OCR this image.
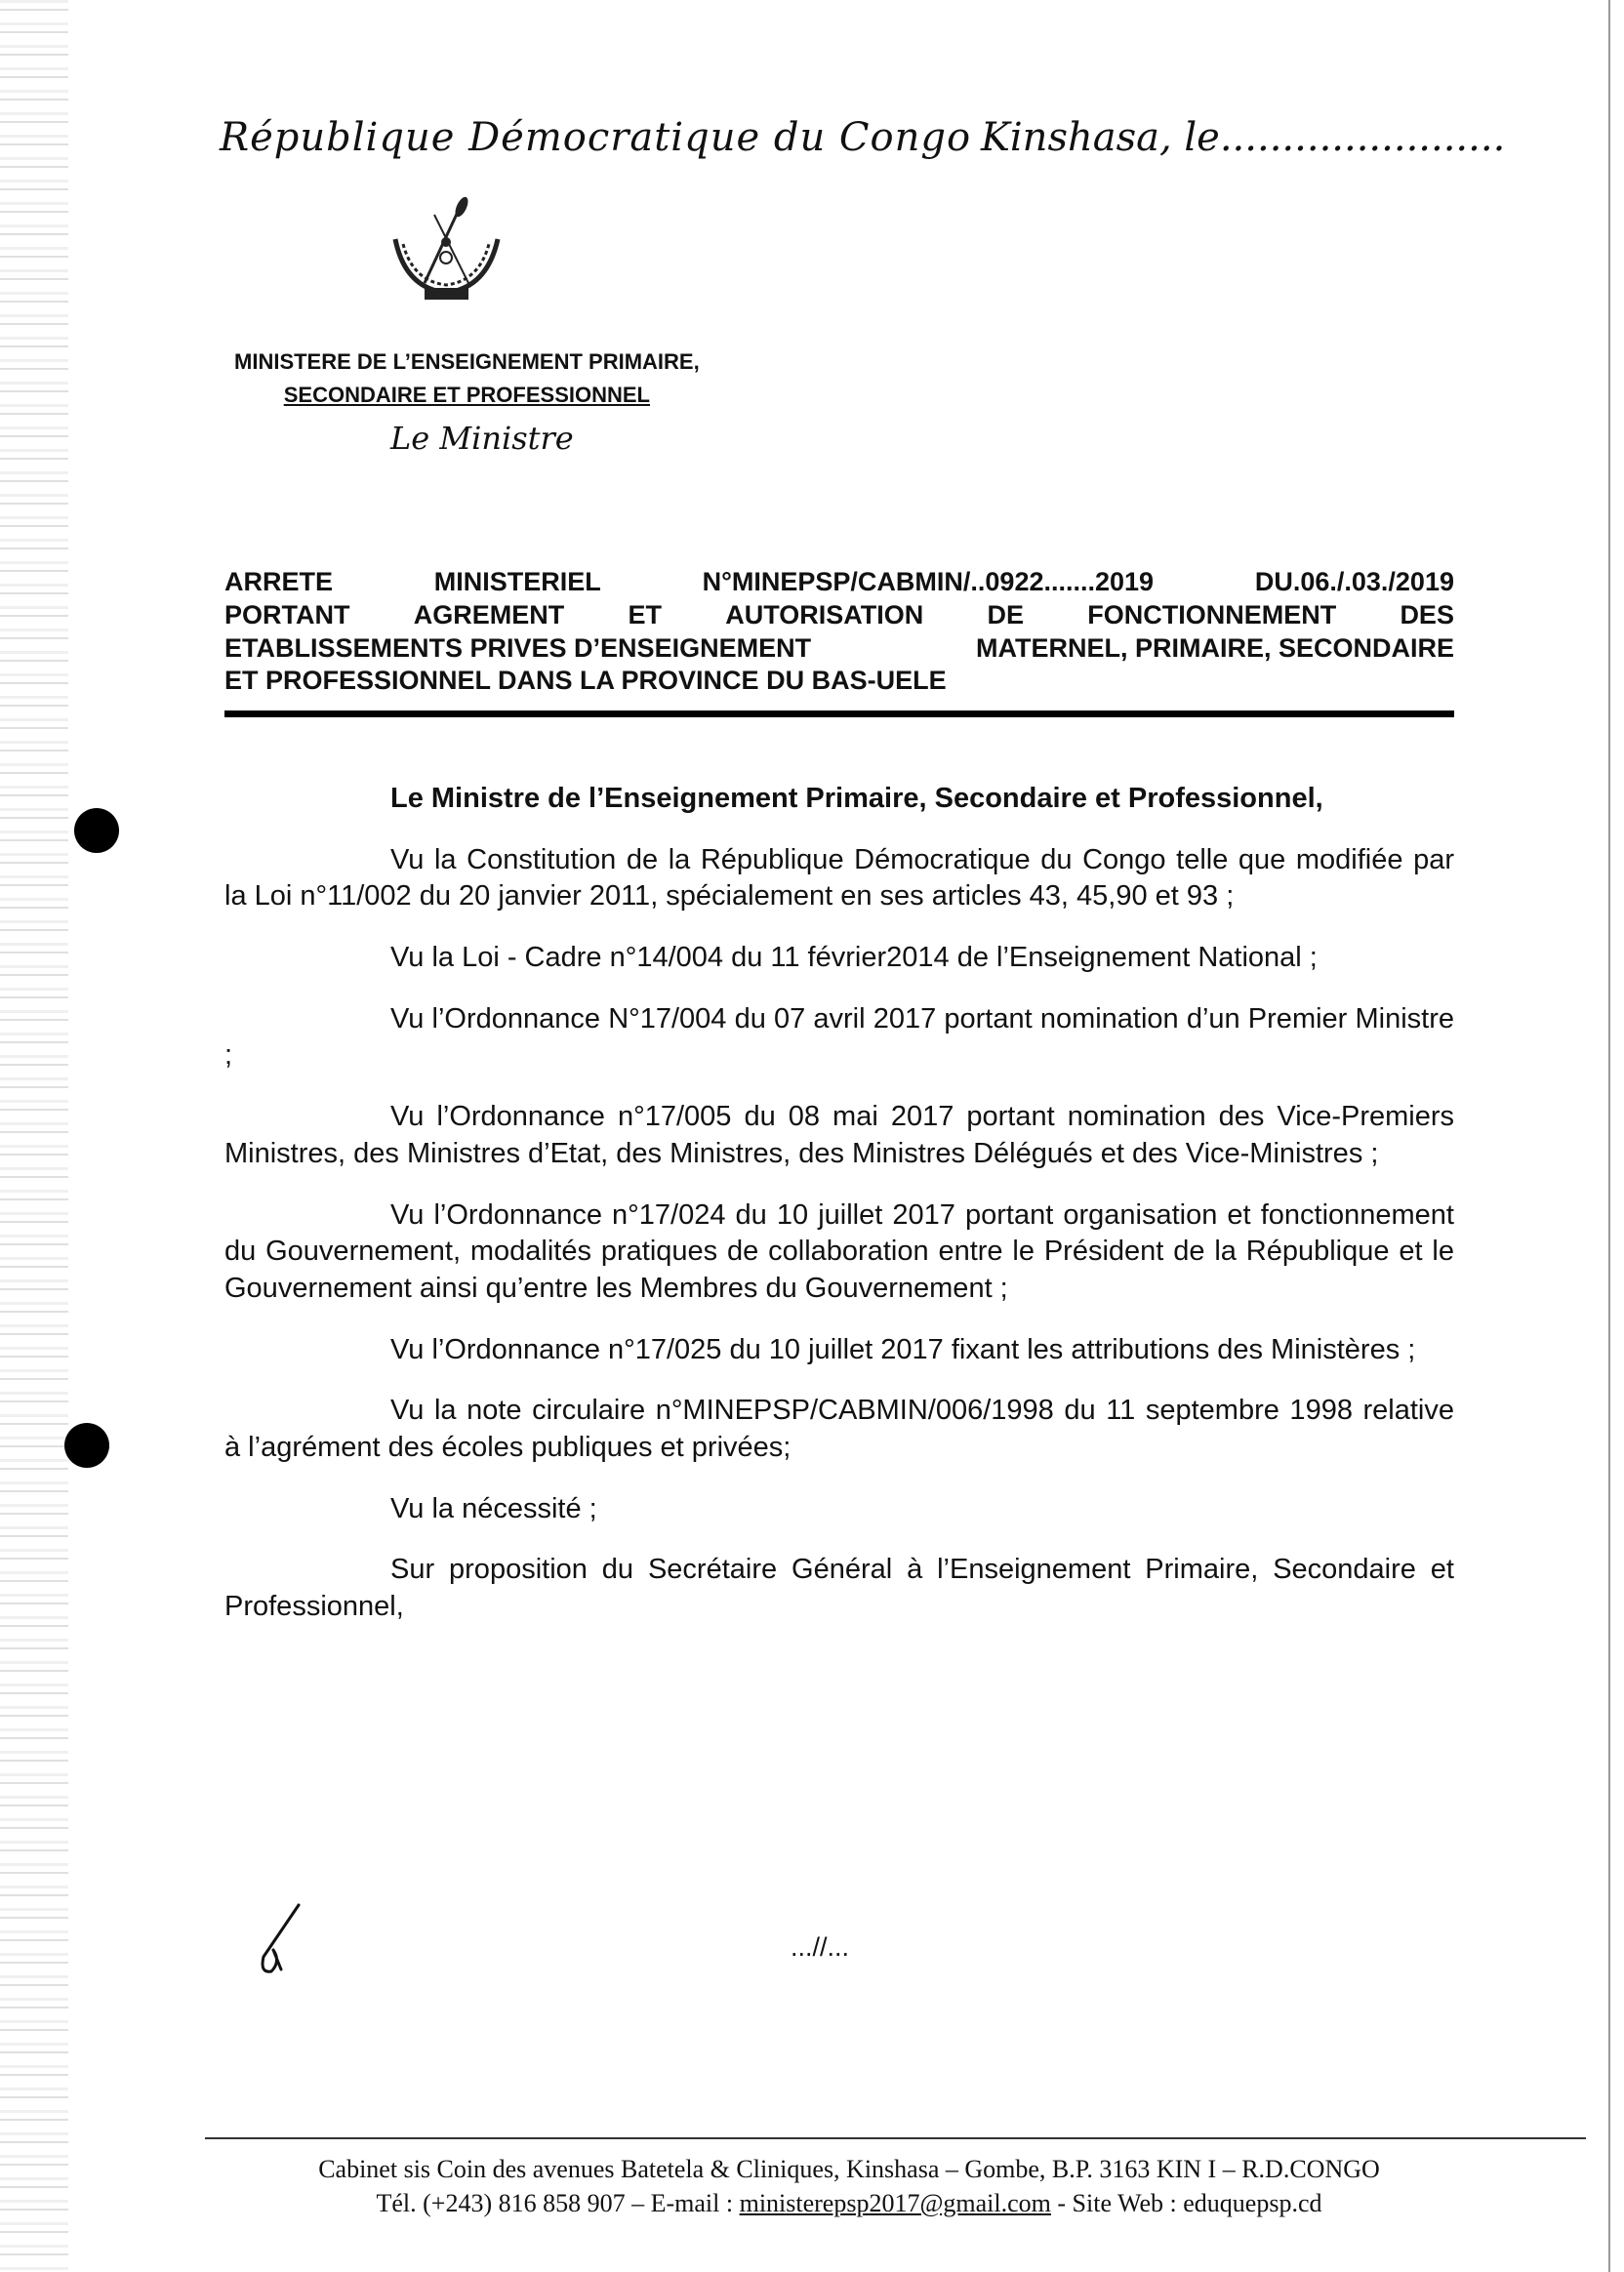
République Démocratique du Congo Kinshasa, le.......................
MINISTERE DE L’ENSEIGNEMENT PRIMAIRE,

SECONDAIRE ET PROFESSIONNEL
Le Ministre
ARRETE	MINISTERIEL	N°MINEPSP/CABMIN/..0922.......2019	DU.06./.03./2019
PORTANT AGREMENT ET AUTORISATION DE FONCTIONNEMENT DES
ETABLISSEMENTS PRIVES D’ENSEIGNEMENT	MATERNEL, PRIMAIRE, SECONDAIRE
ET PROFESSIONNEL DANS LA PROVINCE DU BAS-UELE

Le Ministre de l’Enseignement Primaire, Secondaire et Professionnel,

Vu la Constitution de la République Démocratique du Congo telle que modifiée par la Loi n°11/002 du 20 janvier 2011, spécialement en ses articles 43, 45,90 et 93 ;

Vu la Loi - Cadre n°14/004 du 11 février2014 de l’Enseignement National ;

Vu l’Ordonnance N°17/004 du 07 avril 2017 portant nomination d’un Premier Ministre ;

Vu l’Ordonnance n°17/005 du 08 mai 2017 portant nomination des Vice-Premiers Ministres, des Ministres d’Etat, des Ministres, des Ministres Délégués et des Vice-Ministres ;

Vu l’Ordonnance n°17/024 du 10 juillet 2017 portant organisation et fonctionnement du Gouvernement, modalités pratiques de collaboration entre le Président de la République et le Gouvernement ainsi qu’entre les Membres du Gouvernement ;

Vu l’Ordonnance n°17/025 du 10 juillet 2017 fixant les attributions des Ministères ;

Vu la note circulaire n°MINEPSP/CABMIN/006/1998 du 11 septembre 1998 relative à l’agrément des écoles publiques et privées;

Vu la nécessité ;

Sur proposition du Secrétaire Général à l’Enseignement Primaire, Secondaire et Professionnel,

...//...
Cabinet sis Coin des avenues Batetela & Cliniques, Kinshasa – Gombe, B.P. 3163 KIN I – R.D.CONGO
Tél. (+243) 816 858 907 – E-mail : ministerepsp2017@gmail.com - Site Web : eduquepsp.cd
